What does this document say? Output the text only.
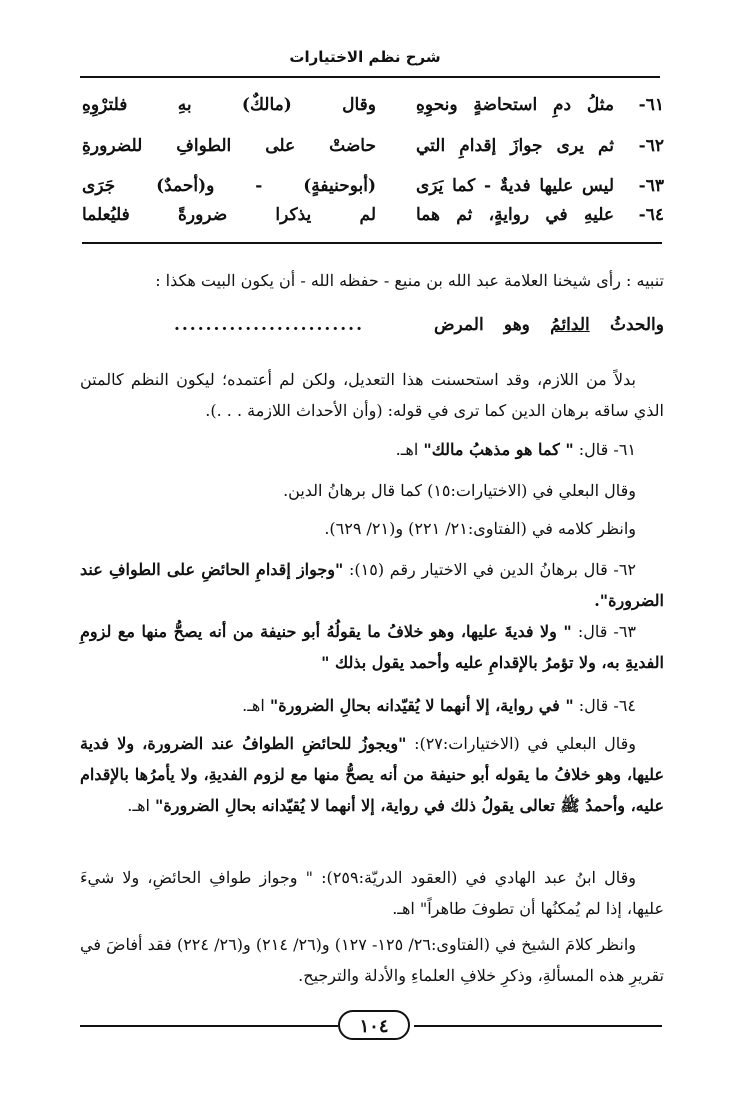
شرح نظم الاختيارات
٦١-
مثلُ دمِ استحاضةٍ ونحوِهِ
وقال (مالكٌ) بهِ فلترْوِهِ
٦٢-
ثم يرى جوازَ إقدامِ التي
حاضتْ على الطوافِ للضرورةِ
٦٣-
ليس عليها فديةٌ - كما يَرَى
(أبوحنيفةٍ) - و(أحمدٌ) جَرَى
٦٤-
عليهِ في روايةٍ، ثم هما
لم يذكرا ضرورةً فليُعلما
تنبيه : رأى شيخنا العلامة عبد الله بن منيع - حفظه الله - أن يكون البيت هكذا :
والحدثُ الدائمُ وهو المرض
........................

بدلاً من اللازم، وقد استحسنت هذا التعديل، ولكن لم أعتمده؛ ليكون النظم كالمتن الذي ساقه برهان الدين كما ترى في قوله: (وأن الأحداث اللازمة . . .).

٦١- قال: " كما هو مذهبُ مالك" اهـ.

وقال البعلي في (الاختيارات:١٥) كما قال برهانُ الدين.

وانظر كلامه في (الفتاوى:٢١/ ٢٢١) و(٢١/ ٦٢٩).

٦٢- قال برهانُ الدين في الاختيار رقم (١٥): "وجواز إقدامِ الحائضِ على الطوافِ عند الضرورة".

٦٣- قال: " ولا فديةَ عليها، وهو خلافُ ما يقولُهُ أبو حنيفة من أنه يصحُّ منها مع لزومِ الفديةِ به، ولا تؤمرُ بالإقدامِ عليه وأحمد يقول بذلك "

٦٤- قال: " في رواية، إلا أنهما لا يُقيّدانه بحالِ الضرورة" اهـ.

وقال البعلي في (الاختيارات:٢٧): "ويجوزُ للحائضِ الطوافُ عند الضرورة، ولا فدية عليها، وهو خلافُ ما يقوله أبو حنيفة من أنه يصحُّ منها مع لزوم الفديةِ، ولا يأمرُها بالإقدام عليه، وأحمدُ ﷺ تعالى يقولُ ذلك في رواية، إلا أنهما لا يُقيّدانه بحالِ الضرورة" اهـ.

وقال ابنُ عبد الهادي في (العقود الدريّة:٢٥٩): " وجواز طوافِ الحائضِ، ولا شيءَ عليها، إذا لم يُمكنُها أن تطوفَ طاهراً" اهـ.

وانظر كلامَ الشيخ في (الفتاوى:٢٦/ ١٢٥- ١٢٧) و(٢٦/ ٢١٤) و(٢٦/ ٢٢٤) فقد أفاضَ في تقريرِ هذه المسألةِ، وذكرِ خلافِ العلماءِ والأدلة والترجيح.

١٠٤
